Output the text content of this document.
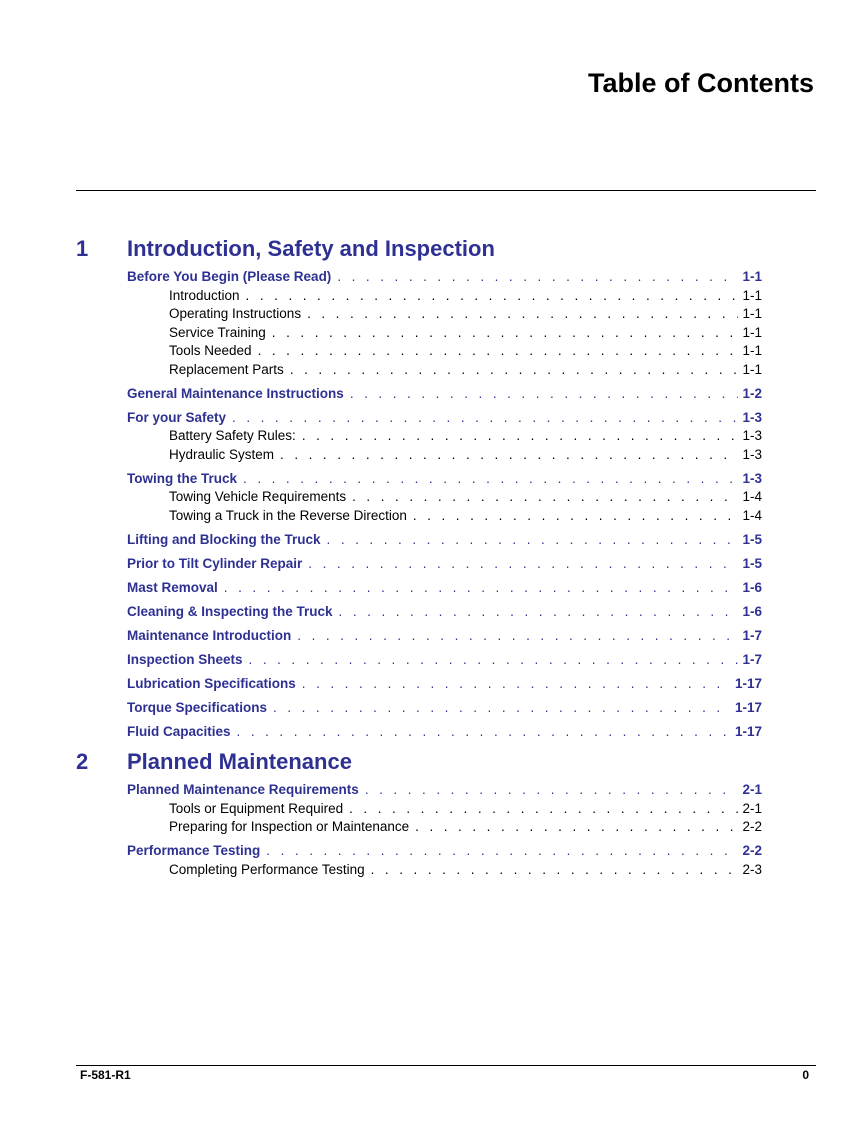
Table of Contents
1 Introduction, Safety and Inspection
Before You Begin (Please Read) . . .	1-1
Introduction . . .	1-1
Operating Instructions . . .	1-1
Service Training . . .	1-1
Tools Needed . . .	1-1
Replacement Parts . . .	1-1
General Maintenance Instructions . . .	1-2
For your Safety . . .	1-3
Battery Safety Rules: . . .	1-3
Hydraulic System . . .	1-3
Towing the Truck . . .	1-3
Towing Vehicle Requirements . . .	1-4
Towing a Truck in the Reverse Direction . . .	1-4
Lifting and Blocking the Truck . . .	1-5
Prior to Tilt Cylinder Repair . . .	1-5
Mast Removal . . .	1-6
Cleaning & Inspecting the Truck . . .	1-6
Maintenance Introduction . . .	1-7
Inspection Sheets . . .	1-7
Lubrication Specifications . . .	1-17
Torque Specifications . . .	1-17
Fluid Capacities . . .	1-17
2 Planned Maintenance
Planned Maintenance Requirements . . .	2-1
Tools or Equipment Required . . .	2-1
Preparing for Inspection or Maintenance . . .	2-2
Performance Testing . . .	2-2
Completing Performance Testing . . .	2-3
F-581-R1	0
